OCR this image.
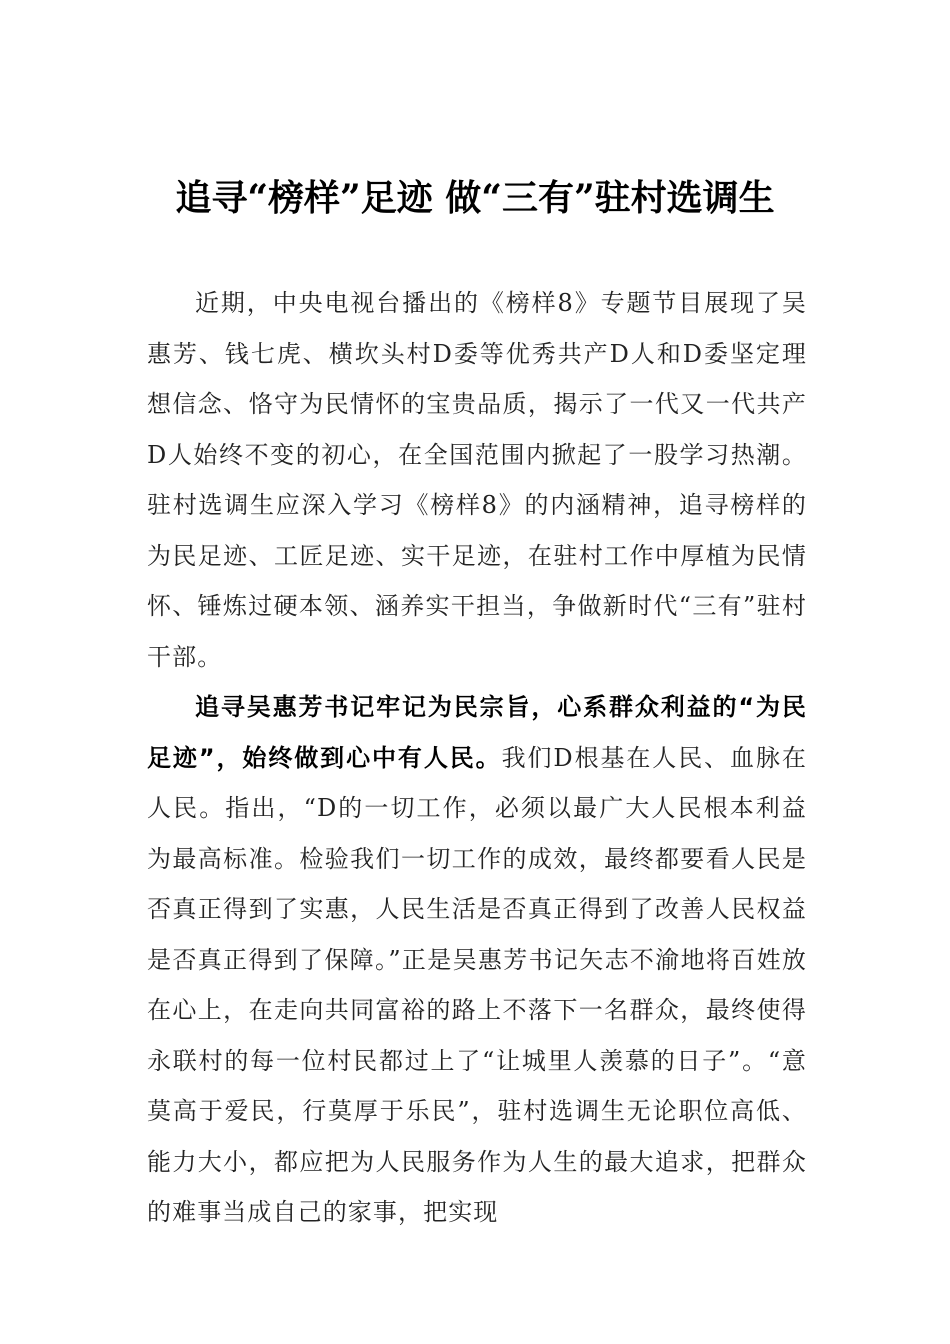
追寻“榜样”足迹 做“三有”驻村选调生

近期，中央电视台播出的《榜样8》专题节目展现了吴惠芳、钱七虎、横坎头村D委等优秀共产D人和D委坚定理想信念、恪守为民情怀的宝贵品质，揭示了一代又一代共产D人始终不变的初心，在全国范围内掀起了一股学习热潮。驻村选调生应深入学习《榜样8》的内涵精神，追寻榜样的为民足迹、工匠足迹、实干足迹，在驻村工作中厚植为民情怀、锤炼过硬本领、涵养实干担当，争做新时代“三有”驻村干部。

追寻吴惠芳书记牢记为民宗旨，心系群众利益的“为民足迹”，始终做到心中有人民。我们D根基在人民、血脉在人民。指出，“D的一切工作，必须以最广大人民根本利益为最高标准。检验我们一切工作的成效，最终都要看人民是否真正得到了实惠，人民生活是否真正得到了改善人民权益是否真正得到了保障。”正是吴惠芳书记矢志不渝地将百姓放在心上，在走向共同富裕的路上不落下一名群众，最终使得永联村的每一位村民都过上了“让城里人羡慕的日子”。“意莫高于爱民，行莫厚于乐民”，驻村选调生无论职位高低、能力大小，都应把为人民服务作为人生的最大追求，把群众的难事当成自己的家事，把实现
